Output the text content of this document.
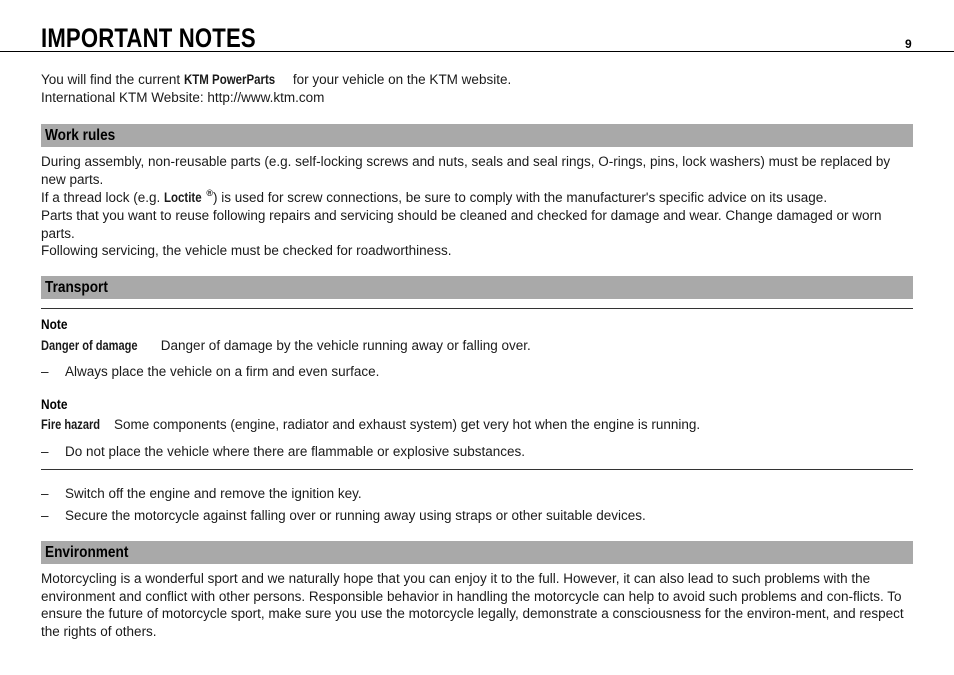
IMPORTANT NOTES	9
You will find the current KTM PowerParts for your vehicle on the KTM website.
International KTM Website: http://www.ktm.com
Work rules
During assembly, non-reusable parts (e.g. self-locking screws and nuts, seals and seal rings, O-rings, pins, lock washers) must be replaced by new parts.
If a thread lock (e.g. Loctite ®) is used for screw connections, be sure to comply with the manufacturer's specific advice on its usage.
Parts that you want to reuse following repairs and servicing should be cleaned and checked for damage and wear. Change damaged or worn parts.
Following servicing, the vehicle must be checked for roadworthiness.
Transport
Note
Danger of damage Danger of damage by the vehicle running away or falling over.
– Always place the vehicle on a firm and even surface.
Note
Fire hazard Some components (engine, radiator and exhaust system) get very hot when the engine is running.
– Do not place the vehicle where there are flammable or explosive substances.
– Switch off the engine and remove the ignition key.
– Secure the motorcycle against falling over or running away using straps or other suitable devices.
Environment
Motorcycling is a wonderful sport and we naturally hope that you can enjoy it to the full. However, it can also lead to such problems with the environment and conflict with other persons. Responsible behavior in handling the motorcycle can help to avoid such problems and con-flicts. To ensure the future of motorcycle sport, make sure you use the motorcycle legally, demonstrate a consciousness for the environ-ment, and respect the rights of others.
